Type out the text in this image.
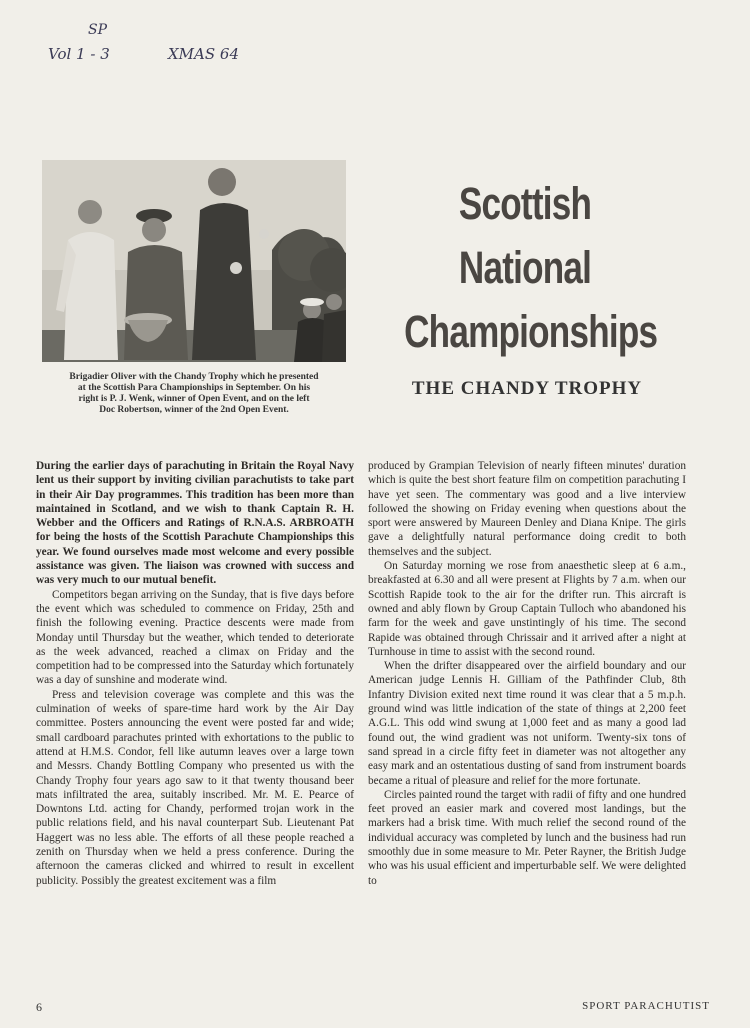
SP
Vol 1 - 3	XMAS 64
Brigadier Oliver with the Chandy Trophy which he presented
at the Scottish Para Championships in September. On his
right is P. J. Wenk, winner of Open Event, and on the left
Doc Robertson, winner of the 2nd Open Event.
Scottish
National
Championships
THE CHANDY TROPHY

During the earlier days of parachuting in Britain the Royal Navy lent us their support by inviting civilian parachutists to take part in their Air Day programmes. This tradition has been more than maintained in Scotland, and we wish to thank Captain R. H. Webber and the Officers and Ratings of R.N.A.S. ARBROATH for being the hosts of the Scottish Parachute Championships this year. We found ourselves made most welcome and every possible assistance was given. The liaison was crowned with success and was very much to our mutual benefit.

Competitors began arriving on the Sunday, that is five days before the event which was scheduled to commence on Friday, 25th and finish the following evening. Practice descents were made from Monday until Thursday but the weather, which tended to deteriorate as the week advanced, reached a climax on Friday and the competition had to be compressed into the Saturday which fortunately was a day of sunshine and moderate wind.

Press and television coverage was complete and this was the culmination of weeks of spare-time hard work by the Air Day committee. Posters announcing the event were posted far and wide; small cardboard parachutes printed with exhortations to the public to attend at H.M.S. Condor, fell like autumn leaves over a large town and Messrs. Chandy Bottling Company who presented us with the Chandy Trophy four years ago saw to it that twenty thousand beer mats infiltrated the area, suitably inscribed. Mr. M. E. Pearce of Downtons Ltd. acting for Chandy, performed trojan work in the public relations field, and his naval counterpart Sub. Lieutenant Pat Haggert was no less able. The efforts of all these people reached a zenith on Thursday when we held a press conference. During the afternoon the cameras clicked and whirred to result in excellent publicity. Possibly the greatest excitement was a film

produced by Grampian Television of nearly fifteen minutes' duration which is quite the best short feature film on competition parachuting I have yet seen. The commentary was good and a live interview followed the showing on Friday evening when questions about the sport were answered by Maureen Denley and Diana Knipe. The girls gave a delightfully natural performance doing credit to both themselves and the subject.

On Saturday morning we rose from anaesthetic sleep at 6 a.m., breakfasted at 6.30 and all were present at Flights by 7 a.m. when our Scottish Rapide took to the air for the drifter run. This aircraft is owned and ably flown by Group Captain Tulloch who abandoned his farm for the week and gave unstintingly of his time. The second Rapide was obtained through Chrissair and it arrived after a night at Turnhouse in time to assist with the second round.

When the drifter disappeared over the airfield boundary and our American judge Lennis H. Gilliam of the Pathfinder Club, 8th Infantry Division exited next time round it was clear that a 5 m.p.h. ground wind was little indication of the state of things at 2,200 feet A.G.L. This odd wind swung at 1,000 feet and as many a good lad found out, the wind gradient was not uniform. Twenty-six tons of sand spread in a circle fifty feet in diameter was not altogether any easy mark and an ostentatious dusting of sand from instrument boards became a ritual of pleasure and relief for the more fortunate.

Circles painted round the target with radii of fifty and one hundred feet proved an easier mark and covered most landings, but the markers had a brisk time. With much relief the second round of the individual accuracy was completed by lunch and the business had run smoothly due in some measure to Mr. Peter Rayner, the British Judge who was his usual efficient and imperturbable self. We were delighted to

6	SPORT PARACHUTIST
